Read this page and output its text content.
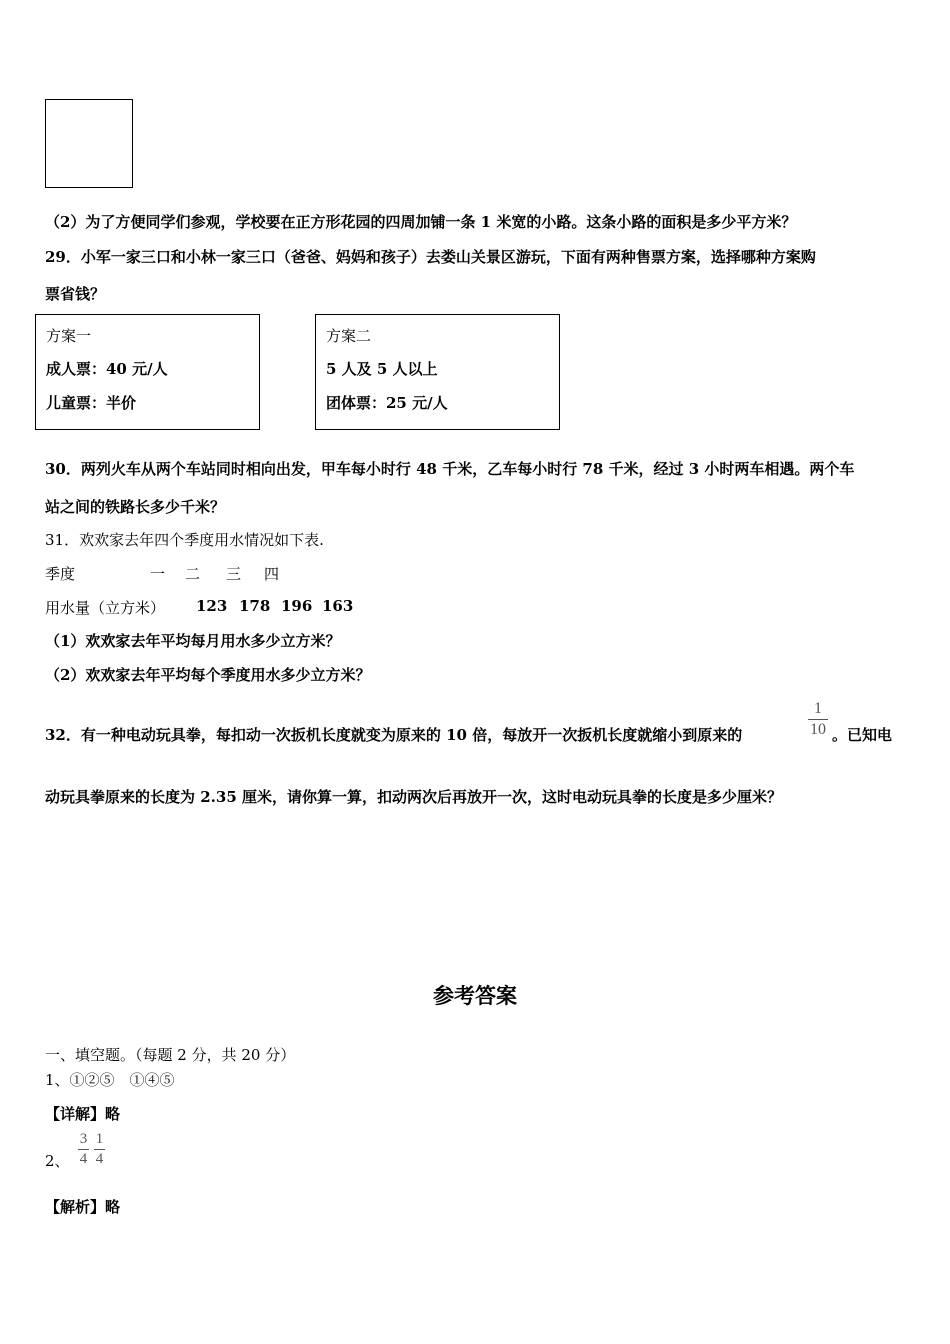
（2）为了方便同学们参观，学校要在正方形花园的四周加铺一条 1 米宽的小路。这条小路的面积是多少平方米？
29．小军一家三口和小林一家三口（爸爸、妈妈和孩子）去娄山关景区游玩，下面有两种售票方案，选择哪种方案购
票省钱？
方案一
成人票：40 元/人
儿童票：半价
方案二
5 人及 5 人以上
团体票：25 元/人
30．两列火车从两个车站同时相向出发，甲车每小时行 48 千米，乙车每小时行 78 千米，经过 3 小时两车相遇。两个车
站之间的铁路长多少千米？
31．欢欢家去年四个季度用水情况如下表.
季度	一 二 三 四
用水量（立方米） 123 178 196 163
（1）欢欢家去年平均每月用水多少立方米？
（2）欢欢家去年平均每个季度用水多少立方米？
32．有一种电动玩具拳，每扣动一次扳机长度就变为原来的 10 倍，每放开一次扳机长度就缩小到原来的
1
10 。已知电
动玩具拳原来的长度为 2.35 厘米，请你算一算，扣动两次后再放开一次，这时电动玩具拳的长度是多少厘米？
参考答案
一、填空题。（每题 2 分，共 20 分）
1、①②⑤　①④⑤
【详解】略
2、
3
4
1
4
【解析】略
